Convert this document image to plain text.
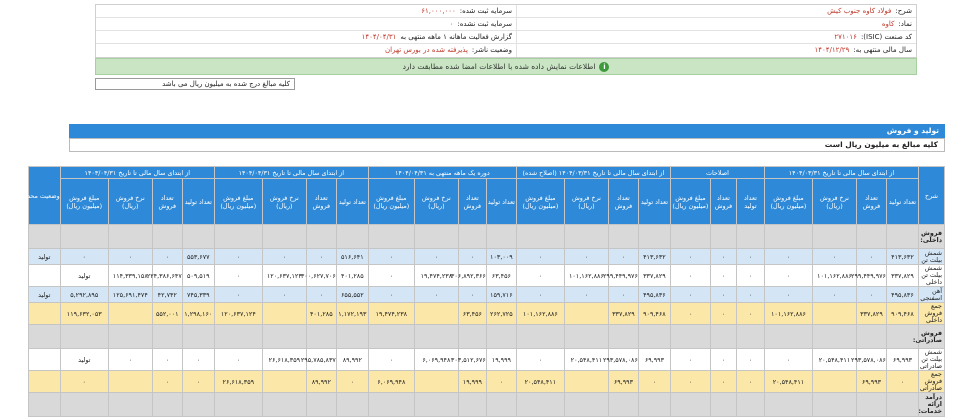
شرح:فولاد کاوه جنوب کیش
سرمایه ثبت شده:۶۱,۰۰۰,۰۰۰
نماد:کاوه
سرمایه ثبت نشده:۰
کد صنعت (ISIC):۲۷۱۰۱۶
گزارش فعالیت ماهانه ۱ ماهه منتهی به۱۴۰۴/۰۴/۳۱
سال مالی منتهی به:۱۴۰۴/۱۲/۲۹
وضعیت ناشر:پذیرفته شده در بورس تهران
iاطلاعات نمایش داده شده با اطلاعات امضا شده مطابقت دارد
کلیه مبالغ درج شده به میلیون ریال می باشد
تولید و فروش
کلیه مبالغ به میلیون ریال است
شرح	از ابتدای سال مالی تا تاریخ ۱۴۰۴/۰۳/۳۱				اصلاحات			از ابتدای سال مالی تا تاریخ ۱۴۰۴/۰۳/۳۱ (اصلاح شده)				دوره یک ماهه منتهی به ۱۴۰۴/۰۴/۳۱				از ابتدای سال مالی تا تاریخ ۱۴۰۴/۰۴/۳۱				از ابتدای سال مالی تا تاریخ ۱۴۰۳/۰۴/۳۱				وضعیت محصول- واحد
	تعداد تولید	تعداد فروش	نرخ فروش (ریال)	مبلغ فروش (میلیون ریال)	تعداد تولید	تعداد فروش	مبلغ فروش (میلیون ریال)	تعداد تولید	تعداد فروش	نرخ فروش (ریال)	مبلغ فروش (میلیون ریال)	تعداد تولید	تعداد فروش	نرخ فروش (ریال)	مبلغ فروش (میلیون ریال)	تعداد تولید	تعداد فروش	نرخ فروش (ریال)	مبلغ فروش (میلیون ریال)	تعداد تولید	تعداد فروش	نرخ فروش (ریال)	مبلغ فروش (میلیون ریال)	
فروش داخلی:																								
شمش بیلت تن	۴۱۳,۶۳۲	۰	۰	۰	۰	۰	۰	۴۱۳,۶۳۲	۰	۰	۰	۱۰۳,۰۰۹	۰	۰	۰	۵۱۶,۶۴۱	۰	۰	۰	۵۵۳,۶۷۷	۰	۰	۰	تولید
شمش بیلت تن داخلی	۳۳۷,۸۲۹	۲۹۹,۴۴۹,۹۷۶	۱۰۱,۱۶۲,۸۸۶	۰	۰	۰	۰	۳۳۷,۸۲۹	۲۹۹,۴۴۹,۹۷۶	۱۰۱,۱۶۲,۸۸۶	۰	۶۳,۴۵۶	۳۰۶,۸۹۲,۳۶۶	۱۹,۴۷۴,۲۳۸	۰	۴۰۱,۲۸۵	۳۰۰,۶۲۷,۷۰۶	۱۲۰,۶۳۷,۱۲۴	۰	۵۰۹,۵۱۹	۲۲۴,۳۸۶,۶۴۷	۱۱۴,۳۳۹,۱۵۸	تولید	
آهن اسفنجی	۴۹۵,۸۳۶	۰	۰	۰	۰	۰	۰	۴۹۵,۸۳۶	۰	۰	۰	۱۵۹,۷۱۶	۰	۰	۰	۶۵۵,۵۵۲	۰	۰	۰	۷۴۵,۳۳۹	۴۲,۷۴۲	۱۲۵,۶۹۱,۴۷۴	۵,۲۹۲,۸۹۵	تولید
جمع فروش داخلی	۹۰۹,۴۶۸	۳۳۷,۸۲۹		۱۰۱,۱۶۲,۸۸۶	۰	۰	۰	۹۰۹,۴۶۸	۳۳۷,۸۲۹		۱۰۱,۱۶۲,۸۸۶	۲۶۲,۷۲۵	۶۳,۴۵۶		۱۹,۴۷۴,۲۳۸	۱,۱۷۲,۱۹۳	۴۰۱,۲۸۵		۱۲۰,۶۳۷,۱۲۴	۱,۲۹۸,۱۶۰	۵۵۲,۰۰۱		۱۱۹,۶۳۲,۰۵۳	
فروش صادراتی:																								
شمش بیلت تن صادراتی	۶۹,۹۹۳	۲۹۳,۵۷۸,۰۸۶	۲۰,۵۴۸,۴۱۱	۰	۰	۰	۰	۶۹,۹۹۳	۲۹۳,۵۷۸,۰۸۶	۲۰,۵۴۸,۴۱۱	۰	۱۹,۹۹۹	۳۰۳,۵۱۲,۶۷۶	۶,۰۶۹,۹۴۸	۰	۸۹,۹۹۲	۲۹۵,۷۸۵,۸۳۷	۲۶,۶۱۸,۳۵۹	۰	۰	۰	۰	تولید	
جمع فروش صادراتی	۰	۶۹,۹۹۳		۲۰,۵۴۸,۴۱۱	۰	۰	۰	۰	۶۹,۹۹۳		۲۰,۵۴۸,۴۱۱	۰	۱۹,۹۹۹		۶,۰۶۹,۹۴۸	۰	۸۹,۹۹۲		۲۶,۶۱۸,۳۵۹	۰	۰		۰	
درآمد ارائه خدمات:																								
